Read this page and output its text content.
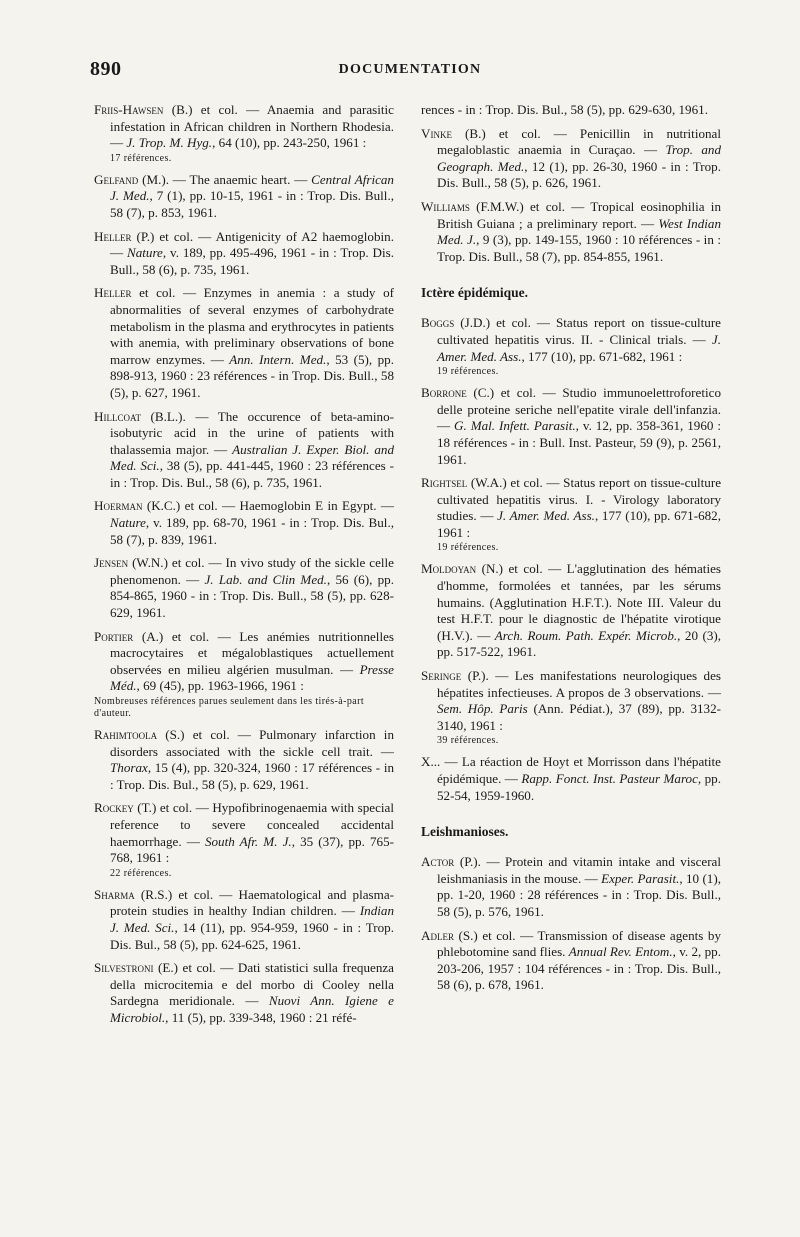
890	DOCUMENTATION
Friis-Hawsen (B.) et col. — Anaemia and parasitic infestation in African children in Northern Rhodesia. — J. Trop. M. Hyg., 64 (10), pp. 243-250, 1961 :
17 références.
Gelfand (M.). — The anaemic heart. — Central African J. Med., 7 (1), pp. 10-15, 1961 - in : Trop. Dis. Bull., 58 (7), p. 853, 1961.
Heller (P.) et col. — Antigenicity of A2 haemoglobin. — Nature, v. 189, pp. 495-496, 1961 - in : Trop. Dis. Bull., 58 (6), p. 735, 1961.
Heller et col. — Enzymes in anemia : a study of abnormalities of several enzymes of carbohydrate metabolism in the plasma and erythrocytes in patients with anemia, with preliminary observations of bone marrow enzymes. — Ann. Intern. Med., 53 (5), pp. 898-913, 1960 : 23 références - in Trop. Dis. Bull., 58 (5), p. 627, 1961.
Hillcoat (B.L.). — The occurence of beta-amino-isobutyric acid in the urine of patients with thalassemia major. — Australian J. Exper. Biol. and Med. Sci., 38 (5), pp. 441-445, 1960 : 23 références - in : Trop. Dis. Bul., 58 (6), p. 735, 1961.
Hoerman (K.C.) et col. — Haemoglobin E in Egypt. — Nature, v. 189, pp. 68-70, 1961 - in : Trop. Dis. Bul., 58 (7), p. 839, 1961.
Jensen (W.N.) et col. — In vivo study of the sickle celle phenomenon. — J. Lab. and Clin Med., 56 (6), pp. 854-865, 1960 - in : Trop. Dis. Bull., 58 (5), pp. 628-629, 1961.
Portier (A.) et col. — Les anémies nutritionnelles macrocytaires et mégaloblastiques actuellement observées en milieu algérien musulman. — Presse Méd., 69 (45), pp. 1963-1966, 1961 :
Nombreuses références parues seulement dans les tirés-à-part d'auteur.
Rahimtoola (S.) et col. — Pulmonary infarction in disorders associated with the sickle cell trait. — Thorax, 15 (4), pp. 320-324, 1960 : 17 références - in : Trop. Dis. Bul., 58 (5), p. 629, 1961.
Rockey (T.) et col. — Hypofibrinogenaemia with special reference to severe concealed accidental haemorrhage. — South Afr. M. J., 35 (37), pp. 765-768, 1961 :
22 références.
Sharma (R.S.) et col. — Haematological and plasma-protein studies in healthy Indian children. — Indian J. Med. Sci., 14 (11), pp. 954-959, 1960 - in : Trop. Dis. Bul., 58 (5), pp. 624-625, 1961.
Silvestroni (E.) et col. — Dati statistici sulla frequenza della microcitemia e del morbo di Cooley nella Sardegna meridionale. — Nuovi Ann. Igiene e Microbiol., 11 (5), pp. 339-348, 1960 : 21 réfé-
rences - in : Trop. Dis. Bul., 58 (5), pp. 629-630, 1961.
Vinke (B.) et col. — Penicillin in nutritional megaloblastic anaemia in Curaçao. — Trop. and Geograph. Med., 12 (1), pp. 26-30, 1960 - in : Trop. Dis. Bull., 58 (5), p. 626, 1961.
Williams (F.M.W.) et col. — Tropical eosinophilia in British Guiana ; a preliminary report. — West Indian Med. J., 9 (3), pp. 149-155, 1960 : 10 références - in : Trop. Dis. Bull., 58 (7), pp. 854-855, 1961.
Ictère épidémique.
Boggs (J.D.) et col. — Status report on tissue-culture cultivated hepatitis virus. II. - Clinical trials. — J. Amer. Med. Ass., 177 (10), pp. 671-682, 1961 :
19 références.
Borrone (C.) et col. — Studio immunoelettroforetico delle proteine seriche nell'epatite virale dell'infanzia. — G. Mal. Infett. Parasit., v. 12, pp. 358-361, 1960 : 18 références - in : Bull. Inst. Pasteur, 59 (9), p. 2561, 1961.
Rightsel (W.A.) et col. — Status report on tissue-culture cultivated hepatitis virus. I. - Virology laboratory studies. — J. Amer. Med. Ass., 177 (10), pp. 671-682, 1961 :
19 références.
Moldoyan (N.) et col. — L'agglutination des hématies d'homme, formolées et tannées, par les sérums humains. (Agglutination H.F.T.). Note III. Valeur du test H.F.T. pour le diagnostic de l'hépatite virotique (H.V.). — Arch. Roum. Path. Expér. Microb., 20 (3), pp. 517-522, 1961.
Seringe (P.). — Les manifestations neurologiques des hépatites infectieuses. A propos de 3 observations. — Sem. Hôp. Paris (Ann. Pédiat.), 37 (89), pp. 3132-3140, 1961 :
39 références.
X... — La réaction de Hoyt et Morrisson dans l'hépatite épidémique. — Rapp. Fonct. Inst. Pasteur Maroc, pp. 52-54, 1959-1960.
Leishmanioses.
Actor (P.). — Protein and vitamin intake and visceral leishmaniasis in the mouse. — Exper. Parasit., 10 (1), pp. 1-20, 1960 : 28 références - in : Trop. Dis. Bull., 58 (5), p. 576, 1961.
Adler (S.) et col. — Transmission of disease agents by phlebotomine sand flies. Annual Rev. Entom., v. 2, pp. 203-206, 1957 : 104 références - in : Trop. Dis. Bull., 58 (6), p. 678, 1961.
